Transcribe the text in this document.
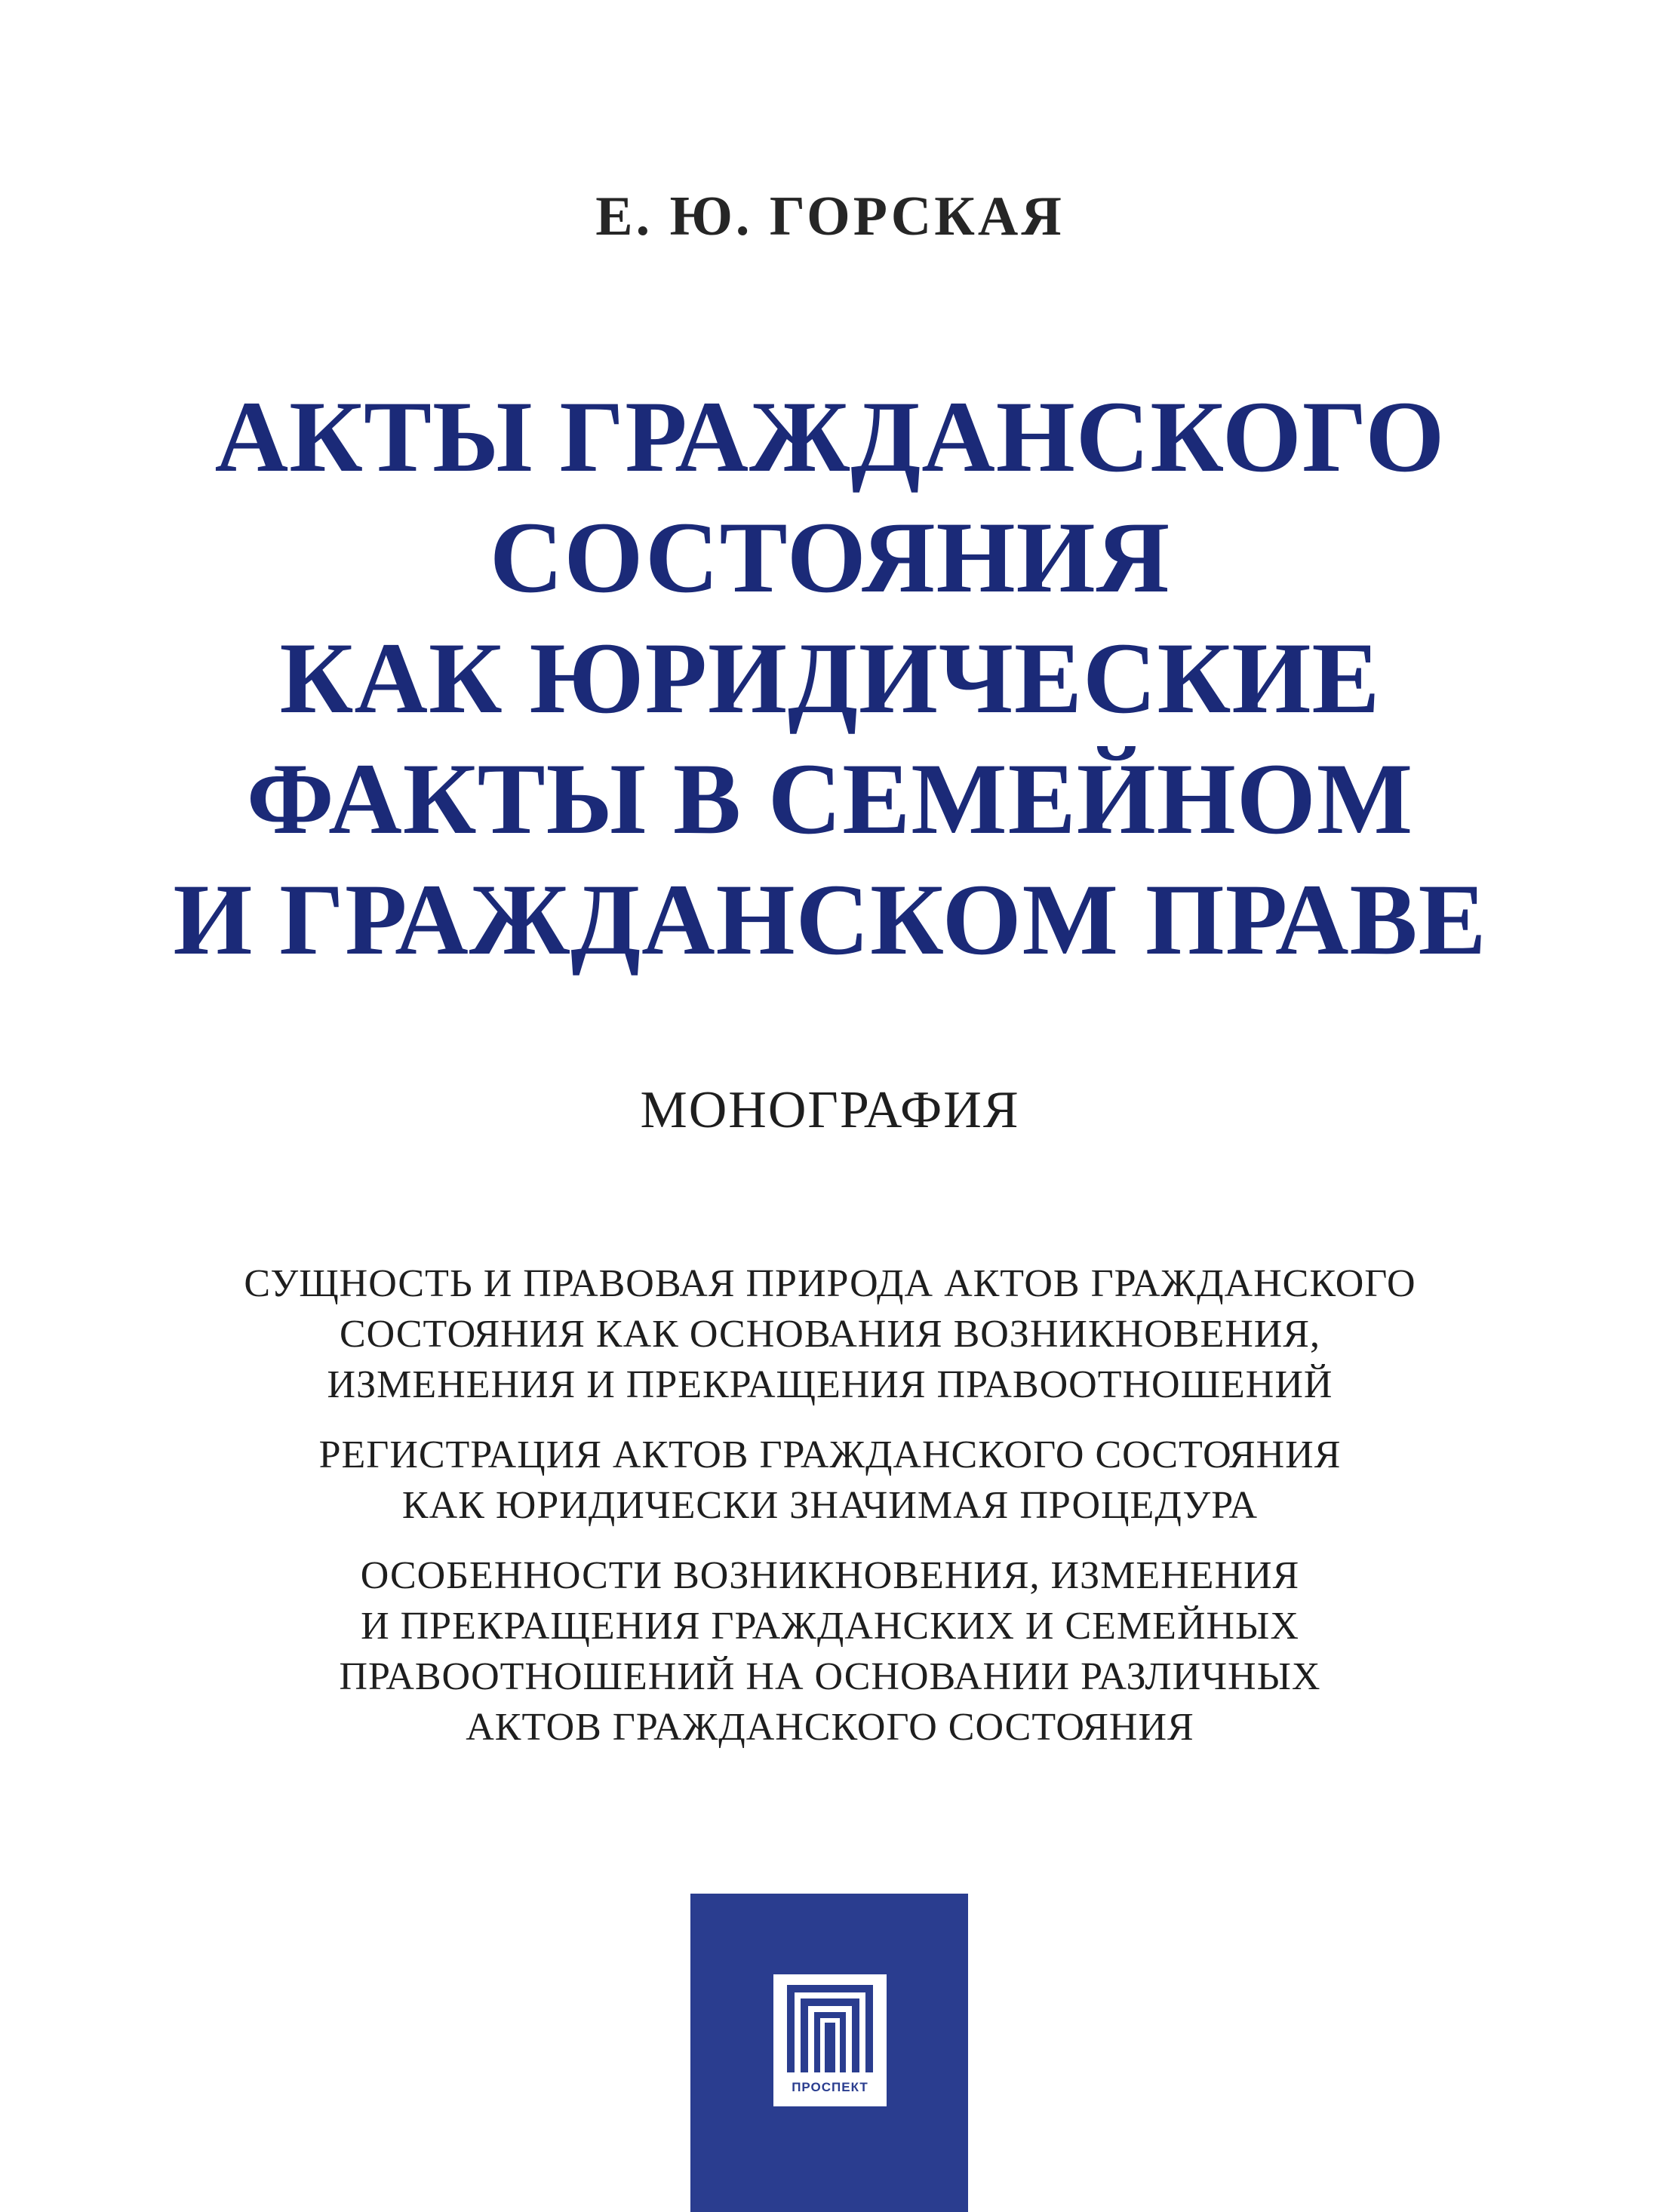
Е. Ю. ГОРСКАЯ
АКТЫ ГРАЖДАНСКОГО
СОСТОЯНИЯ
КАК ЮРИДИЧЕСКИЕ
ФАКТЫ В СЕМЕЙНОМ
И ГРАЖДАНСКОМ ПРАВЕ
МОНОГРАФИЯ
СУЩНОСТЬ И ПРАВОВАЯ ПРИРОДА АКТОВ ГРАЖДАНСКОГО
СОСТОЯНИЯ КАК ОСНОВАНИЯ ВОЗНИКНОВЕНИЯ,
ИЗМЕНЕНИЯ И ПРЕКРАЩЕНИЯ ПРАВООТНОШЕНИЙ
РЕГИСТРАЦИЯ АКТОВ ГРАЖДАНСКОГО СОСТОЯНИЯ
КАК ЮРИДИЧЕСКИ ЗНАЧИМАЯ ПРОЦЕДУРА
ОСОБЕННОСТИ ВОЗНИКНОВЕНИЯ, ИЗМЕНЕНИЯ
И ПРЕКРАЩЕНИЯ ГРАЖДАНСКИХ И СЕМЕЙНЫХ
ПРАВООТНОШЕНИЙ НА ОСНОВАНИИ РАЗЛИЧНЫХ
АКТОВ ГРАЖДАНСКОГО СОСТОЯНИЯ
ПРОСПЕКТ
